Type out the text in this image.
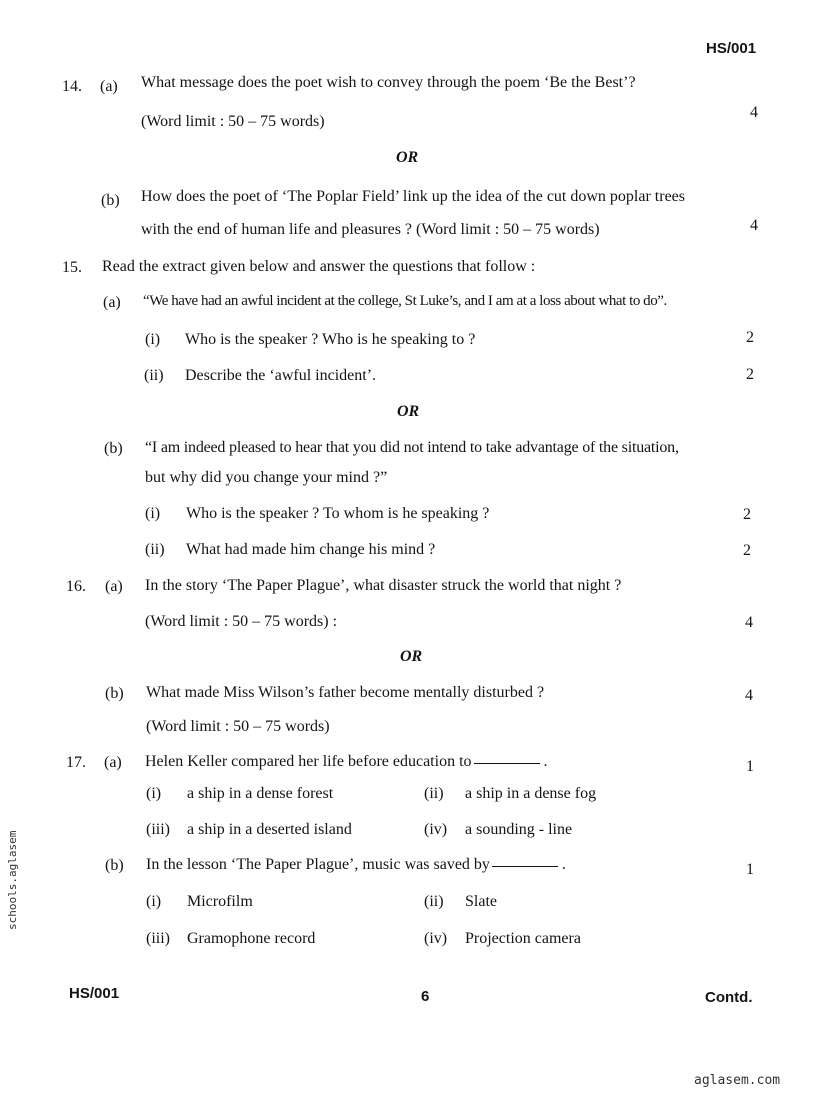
HS/001
14. (a) What message does the poet wish to convey through the poem ‘Be the Best’?
4
(Word limit : 50 – 75 words)
OR
(b) How does the poet of ‘The Poplar Field’ link up the idea of the cut down poplar trees
with the end of human life and pleasures ? (Word limit : 50 – 75 words)	4
15. Read the extract given below and answer the questions that follow :
(a) “We have had an awful incident at the college, St Luke’s, and I am at a loss about what to do”.
(i) Who is the speaker ? Who is he speaking to ?	2
(ii) Describe the ‘awful incident’.	2
OR
(b) “I am indeed pleased to hear that you did not intend to take advantage of the situation,
but why did you change your mind ?”
(i) Who is the speaker ? To whom is he speaking ?	2
(ii) What had made him change his mind ?	2
16. (a) In the story ‘The Paper Plague’, what disaster struck the world that night ?
(Word limit : 50 – 75 words) :	4
OR
(b) What made Miss Wilson’s father become mentally disturbed ?	4
(Word limit : 50 – 75 words)
17. (a) Helen Keller compared her life before education to	.	1
(i) a ship in a dense forest	(ii) a ship in a dense fog
(iii) a ship in a deserted island	(iv) a sounding - line
(b) In the lesson ‘The Paper Plague’, music was saved by	.	1
(i) Microfilm	(ii) Slate
(iii) Gramophone record	(iv) Projection camera
HS/001	6	Contd.
schools.aglasem
aglasem.com
